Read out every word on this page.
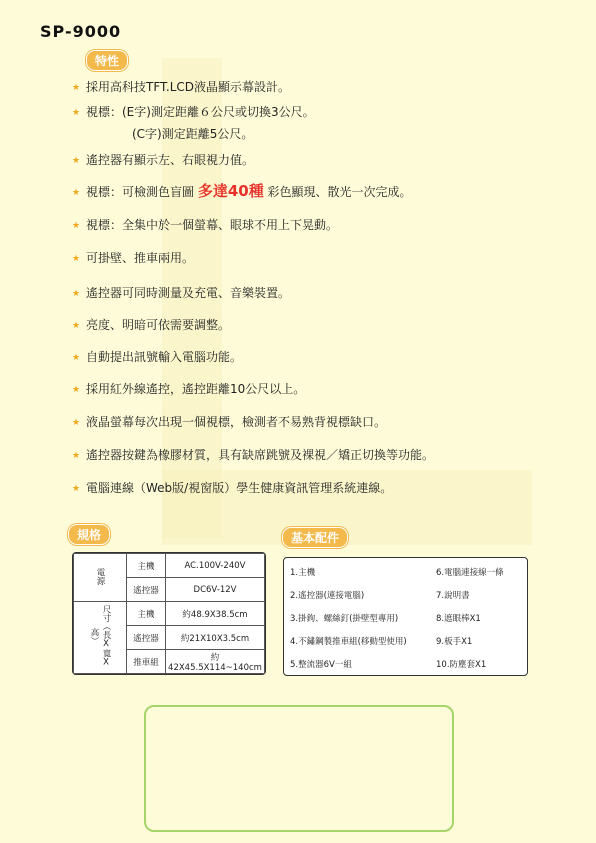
SP-9000
特性
★ 採用高科技TFT.LCD液晶顯示幕設計。
★ 視標：(E字)測定距離６公尺或切換3公尺。
(C字)測定距離5公尺。
★ 遙控器有顯示左、右眼視力值。
★ 視標：可檢測色盲圖 多達40種 彩色顯現、散光一次完成。
★ 視標：全集中於一個螢幕、眼球不用上下晃動。
★ 可掛壁、推車兩用。
★ 遙控器可同時測量及充電、音樂裝置。
★ 亮度、明暗可依需要調整。
★ 自動提出訊號輸入電腦功能。
★ 採用紅外線遙控，遙控距離10公尺以上。
★ 液晶螢幕每次出現一個視標，檢測者不易熟背視標缺口。
★ 遙控器按鍵為橡膠材質，具有缺席跳號及裸視／矯正切換等功能。
★ 電腦連線（Web版/視窗版）學生健康資訊管理系統連線。
規格	基本配件
電源	主機	AC.100V-240V
	遙控器	DC6V-12V
尺寸（長X寬X高）	主機	約48.9X38.5cm
	遙控器	約21X10X3.5cm
	推車組	約42X45.5X114~140cm
1.主機
2.遙控器(連接電腦)
3.掛鉤、螺絲釘(掛壁型專用)
4.不鏽鋼製推車組(移動型使用)
5.整流器6V一組
6.電腦連接線一條
7.說明書
8.遮眼棒X1
9.板手X1
10.防塵套X1
